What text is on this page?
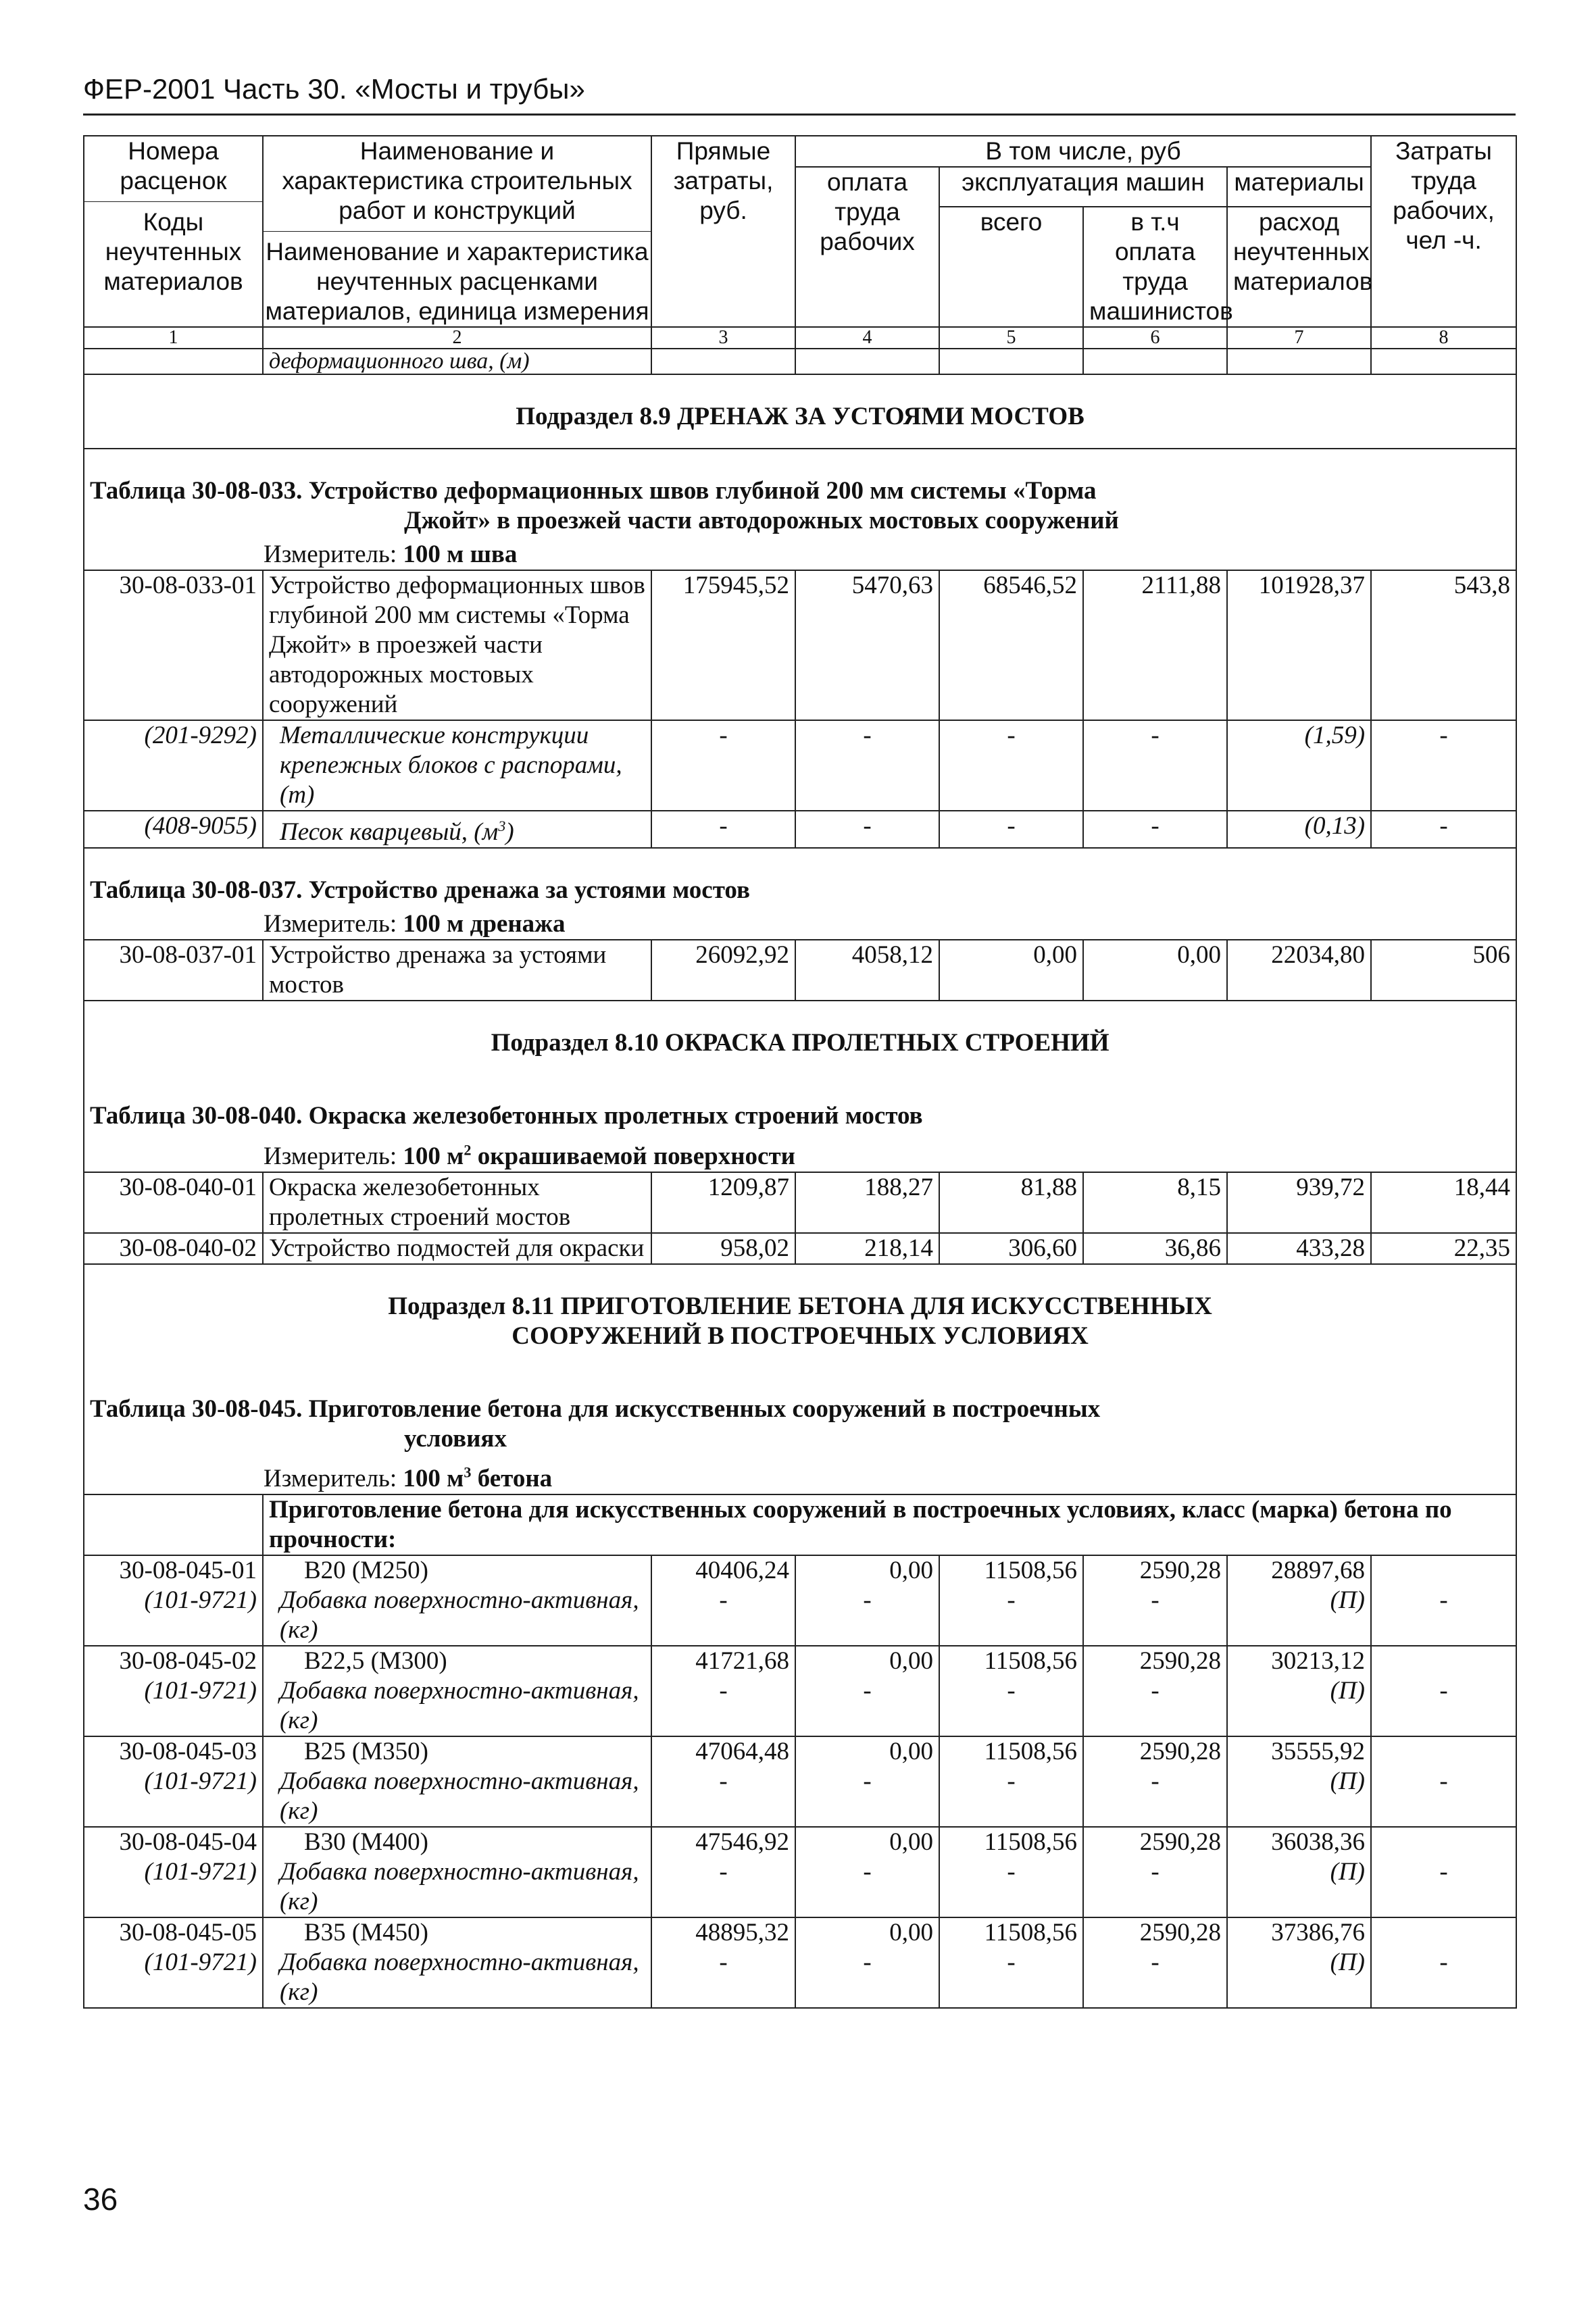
ФЕР-2001 Часть 30. «Мосты и трубы»
Номера расценок
Коды неучтенных материалов	Наименование и характеристика строительных работ и конструкций
Наименование и характеристика неучтенных расценками материалов, единица измерения	Прямые затраты, руб.	В том числе, руб				Затраты труда рабочих, чел -ч.
			оплата труда рабочих	эксплуатация машин		материалы	
				всего	в т.ч оплата труда машинистов	расход неучтенных материалов	
1	2	3	4	5	6	7	8
	деформационного шва, (м)						
Подраздел 8.9 ДРЕНАЖ ЗА УСТОЯМИ МОСТОВ							
Таблица 30-08-033. Устройство деформационных швов глубиной 200 мм системы «Торма
Джойт» в проезжей части автодорожных мостовых сооружений							

Измеритель: 100 м шва							
30-08-033-01	Устройство деформационных швов глубиной 200 мм системы «Торма Джойт» в проезжей части автодорожных мостовых сооружений	175945,52	5470,63	68546,52	2111,88	101928,37	543,8
(201-9292)	Металлические конструкции крепежных блоков с распорами, (т)	-	-	-	-	(1,59)	-
(408-9055)	Песок кварцевый, $(м^3)$	-	-	-	-	(0,13)	-
Таблица 30-08-037. Устройство дренажа за устоями мостов							
Измеритель: 100 м дренажа							
30-08-037-01	Устройство дренажа за устоями мостов	26092,92	4058,12	0,00	0,00	22034,80	506
Подраздел 8.10 ОКРАСКА ПРОЛЕТНЫХ СТРОЕНИЙ							
Таблица 30-08-040. Окраска железобетонных пролетных строений мостов							
Измеритель: 100 $м^2$ окрашиваемой поверхности							
30-08-040-01	Окраска железобетонных пролетных строений мостов	1209,87	188,27	81,88	8,15	939,72	18,44
30-08-040-02	Устройство подмостей для окраски	958,02	218,14	306,60	36,86	433,28	22,35
Подраздел 8.11 ПРИГОТОВЛЕНИЕ БЕТОНА ДЛЯ ИСКУССТВЕННЫХ
СООРУЖЕНИЙ В ПОСТРОЕЧНЫХ УСЛОВИЯХ							
Таблица 30-08-045. Приготовление бетона для искусственных сооружений в построечных
условиях							

Измеритель: 100 $м^3$ бетона							
	Приготовление бетона для искусственных сооружений в построечных условиях, класс (марка) бетона по прочности:						
30-08-045-01	В20 (М250)	40406,24	0,00	11508,56	2590,28	28897,68	
(101-9721)	Добавка поверхностно-активная, (кг)	-	-	-	-	(П)	-
30-08-045-02	В22,5 (М300)	41721,68	0,00	11508,56	2590,28	30213,12	
(101-9721)	Добавка поверхностно-активная, (кг)	-	-	-	-	(П)	-
30-08-045-03	В25 (М350)	47064,48	0,00	11508,56	2590,28	35555,92	
(101-9721)	Добавка поверхностно-активная, (кг)	-	-	-	-	(П)	-
30-08-045-04	В30 (М400)	47546,92	0,00	11508,56	2590,28	36038,36	
(101-9721)	Добавка поверхностно-активная, (кг)	-	-	-	-	(П)	-
30-08-045-05	В35 (М450)	48895,32	0,00	11508,56	2590,28	37386,76	
(101-9721)	Добавка поверхностно-активная, (кг)	-	-	-	-	(П)	-
36
